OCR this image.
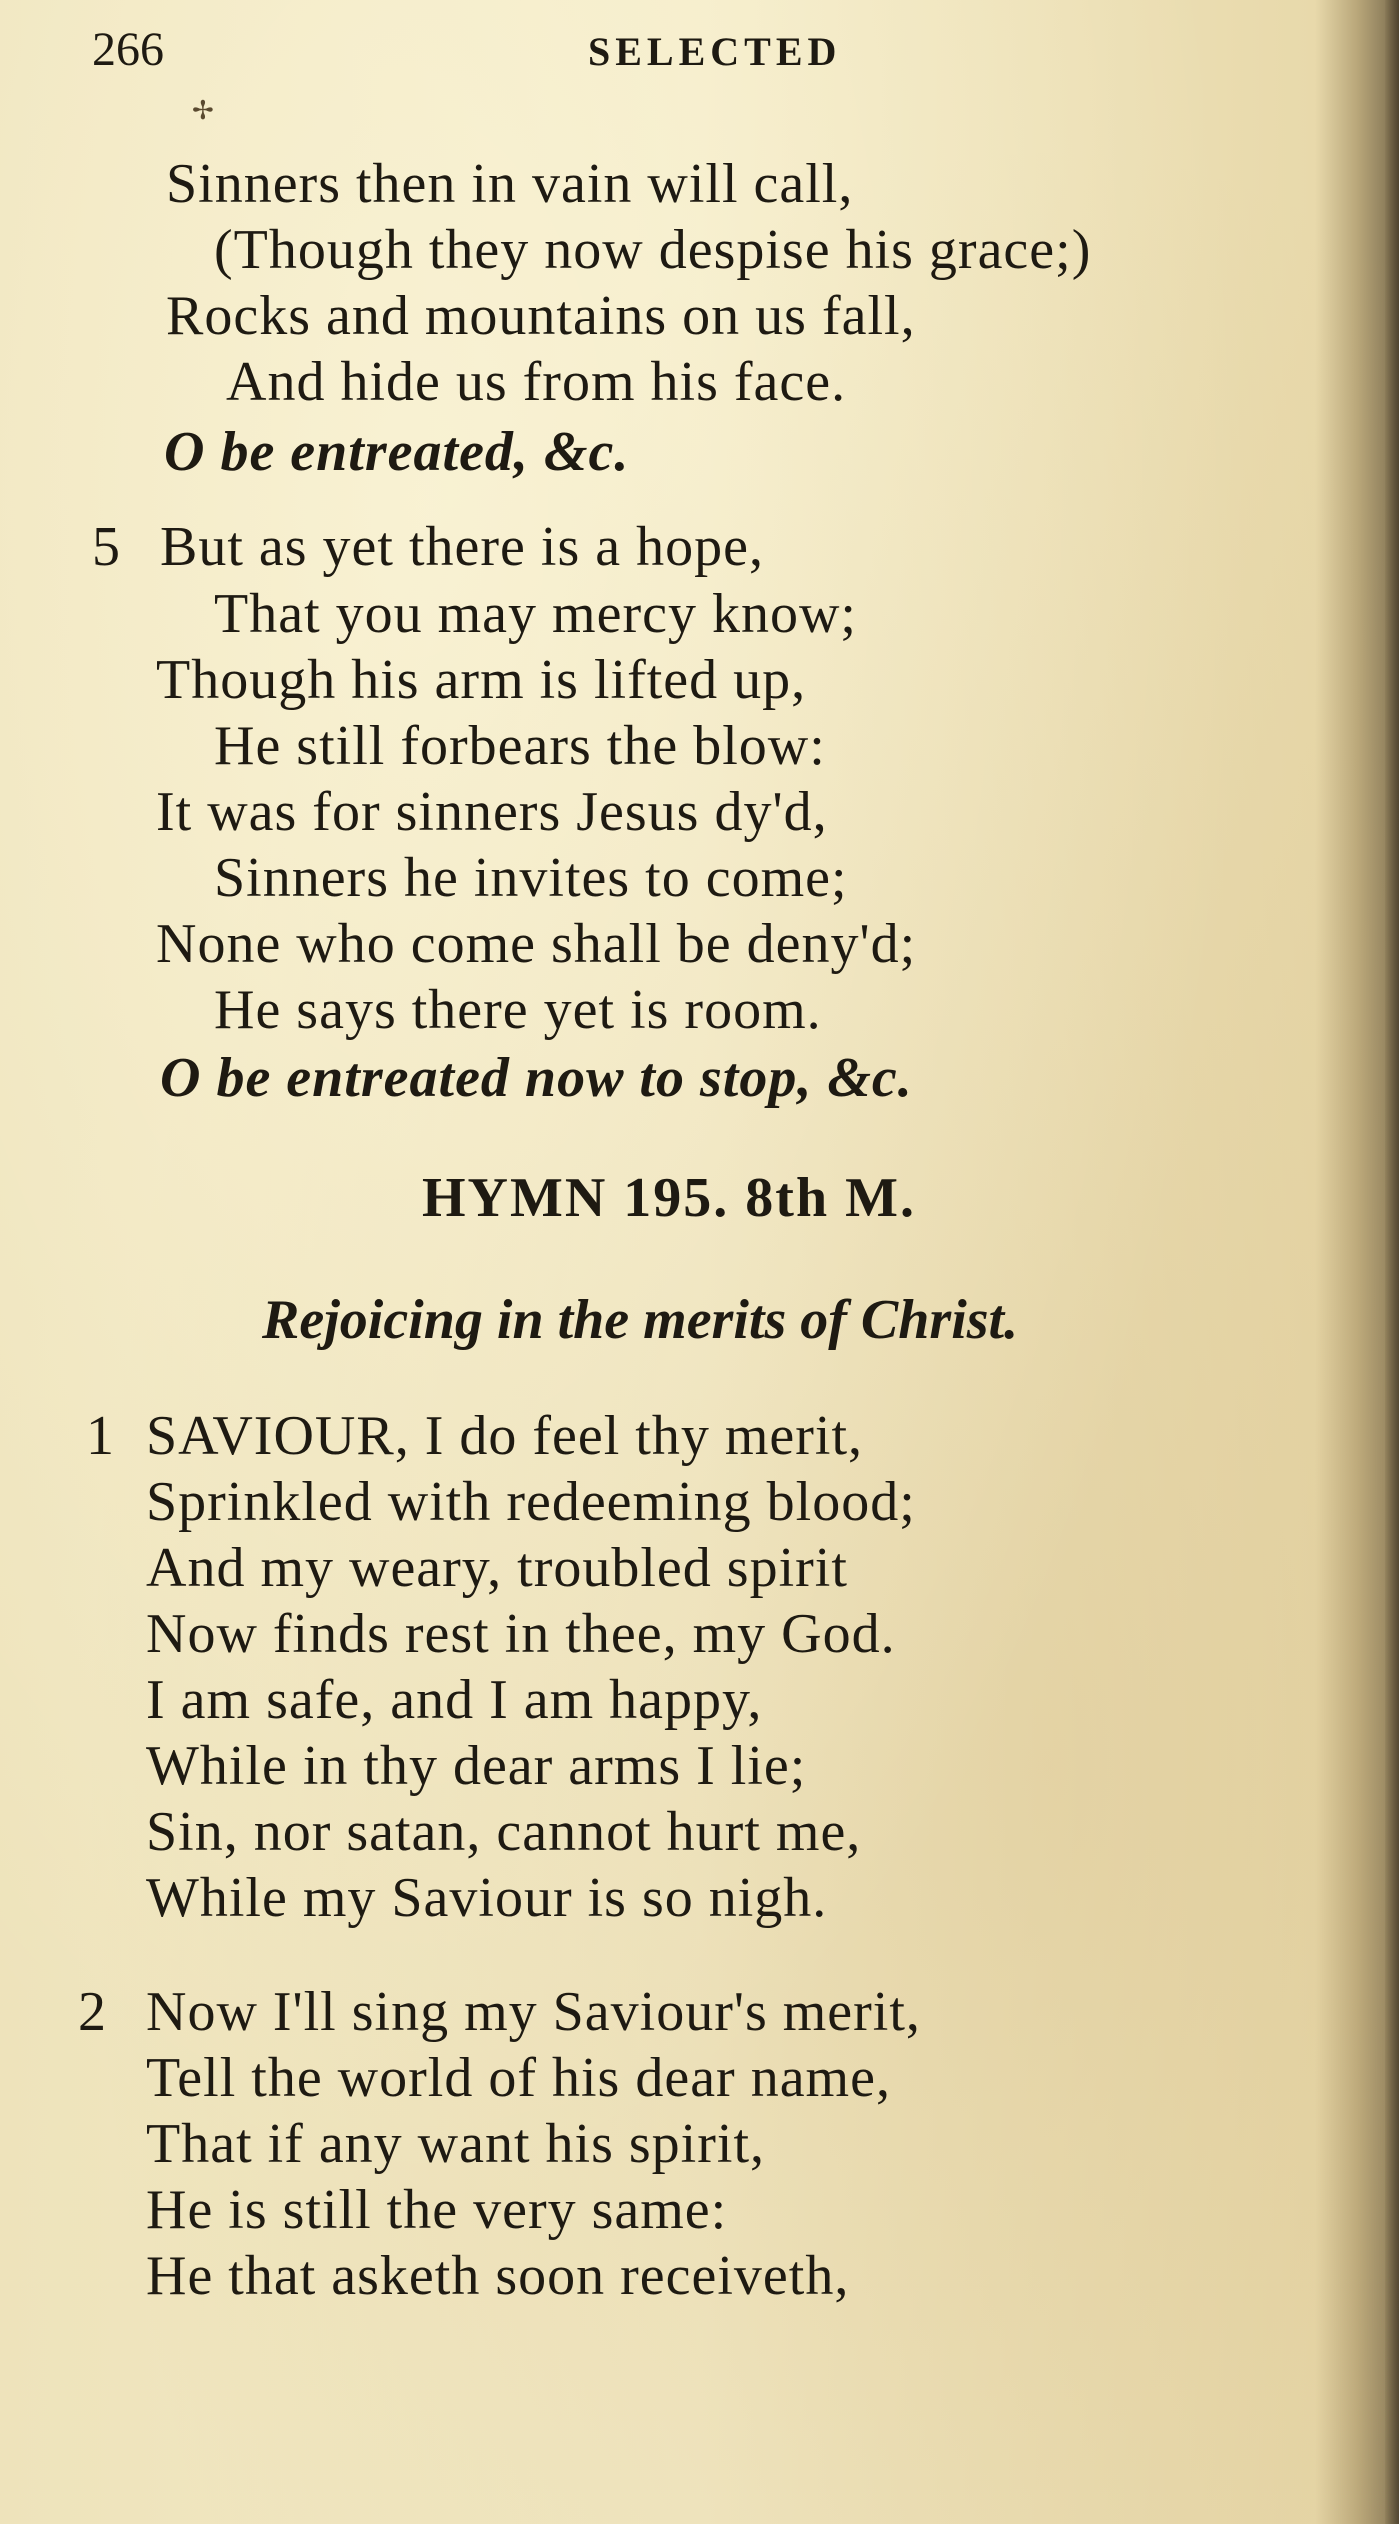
266	SELECTED
✢
Sinners then in vain will call,
(Though they now despise his grace;)
Rocks and mountains on us fall,
And hide us from his face.
O be entreated, &c.
5 But as yet there is a hope,
That you may mercy know;
Though his arm is lifted up,
He still forbears the blow:
It was for sinners Jesus dy'd,
Sinners he invites to come;
None who come shall be deny'd;
He says there yet is room.
O be entreated now to stop, &c.
HYMN 195. 8th M.
Rejoicing in the merits of Christ.
1 SAVIOUR, I do feel thy merit,
Sprinkled with redeeming blood;
And my weary, troubled spirit
Now finds rest in thee, my God.
I am safe, and I am happy,
While in thy dear arms I lie;
Sin, nor satan, cannot hurt me,
While my Saviour is so nigh.
2 Now I'll sing my Saviour's merit,
Tell the world of his dear name,
That if any want his spirit,
He is still the very same:
He that asketh soon receiveth,
